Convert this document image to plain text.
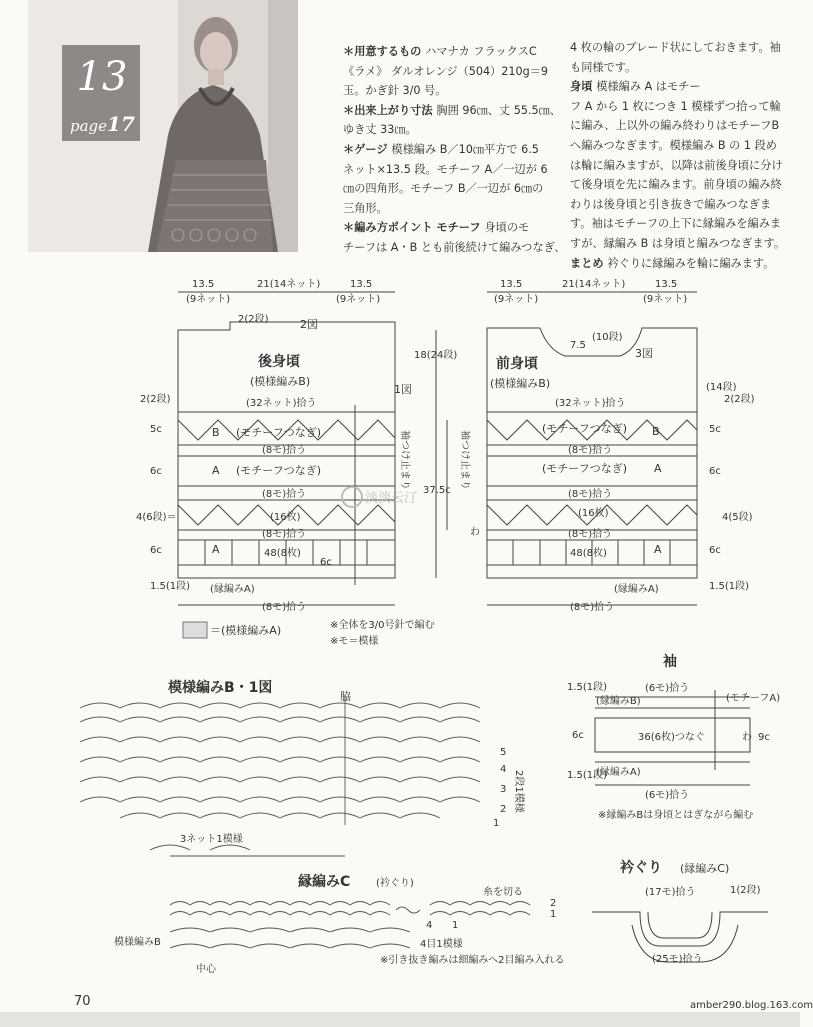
13
page17
＊用意するもの ハマナカ フラックスC
《ラメ》 ダルオレンジ（504）210g＝9
玉。かぎ針 3/0 号。
＊出来上がり寸法 胸囲 96㎝、丈 55.5㎝、
ゆき丈 33㎝。
＊ゲージ 模様編み B／10㎝平方で 6.5
ネット×13.5 段。モチーフ A／一辺が 6
㎝の四角形。モチーフ B／一辺が 6㎝の
三角形。
＊編み方ポイント モチーフ 身頃のモ
チーフは A・B とも前後続けて編みつなぎ、
4 枚の輪のブレード状にしておきます。袖
も同様です。
身頃 模様編み A はモチー
フ A から 1 枚につき 1 模様ずつ拾って輪
に編み、上以外の編み終わりはモチーフB
へ編みつなぎます。模様編み B の 1 段め
は輪に編みますが、以降は前後身頃に分け
て後身頃を先に編みます。前身頃の編み終
わりは後身頃と引き抜きで編みつなぎま
す。袖はモチーフの上下に縁編みを編みま
すが、縁編み B は身頃と編みつなぎます。
まとめ 衿ぐりに縁編みを輪に編みます。
13.5	21(14ネット)	13.5
(9ネット)	(9ネット)
2(2段)	2図
後身頃
(模様編みB)
1図
(32ネット)拾う
(モチーフつなぎ)
(8モ)拾う
(モチーフつなぎ)
(8モ)拾う
(16枚)
(8モ)拾う
48(8枚)
(縁編みA)
(8モ)拾う
B
A
A
2(2段)
5c
6c
4(6段)＝
6c
1.5(1段)
18(24段)
37.5c
6c
袖つけ止まり
13.5	21(14ネット)	13.5
(9ネット)	(9ネット)
7.5
(10段)
3図
前身頃
(模様編みB)
(32ネット)拾う
(モチーフつなぎ)
(8モ)拾う
(モチーフつなぎ)
(8モ)拾う
(16枚)
(8モ)拾う
48(8枚)
(縁編みA)
(8モ)拾う
B
A
A
(14段)
2(2段)
5c
6c
4(5段)
6c
1.5(1段)
袖つけ止まり
わ
＝(模様編みA)	※全体を3/0号針で編む
※モ＝模様
袖
(6モ)拾う
1.5(1段)
(縁編みB)	(モチーフA)
36(6枚)つなぐ
6c	9c
わ
(縁編みA)
(6モ)拾う
1.5(1段)
※縁編みBは身頃とはぎながら編む
模様編みB・1図
脇
5
4
3
2
1
2段1模様
3ネット1模様
縁編みC	(衿ぐり)
糸を切る
2
1
模様編みB
中心
4 1
4目1模様
※引き抜き編みは細編みへ2目編み入れる
衿ぐり (縁編みC)
(17モ)拾う	1(2段)
(25モ)拾う
淡淡云汀
70	amber290.blog.163.com
